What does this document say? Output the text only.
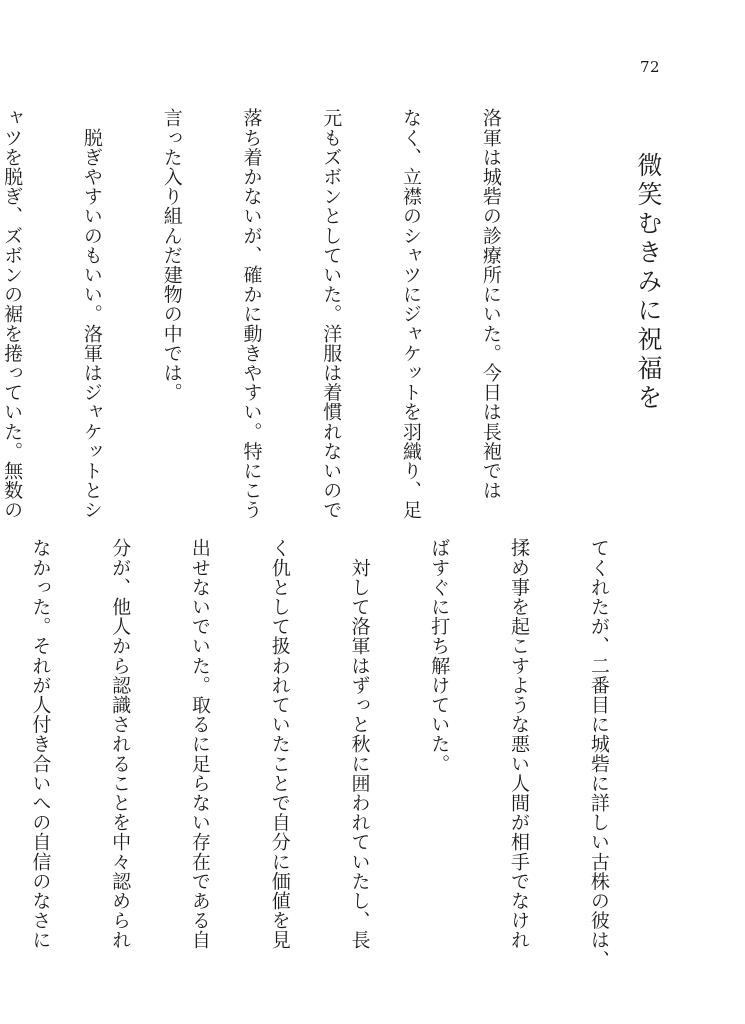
72
微笑むきみに祝福を

洛軍は城砦の診療所にいた。今日は長袍では

なく、立襟のシャツにジャケットを羽織り、足

元もズボンとしていた。洋服は着慣れないので

落ち着かないが、確かに動きやすい。特にこう

言った入り組んだ建物の中では。

　脱ぎやすいのもいい。洛軍はジャケットとシ

ャツを脱ぎ、ズボンの裾を捲っていた。無数の

てくれたが、二番目に城砦に詳しい古株の彼は、

揉め事を起こすような悪い人間が相手でなけれ

ばすぐに打ち解けていた。

　対して洛軍はずっと秋に囲われていたし、長

く仇として扱われていたことで自分に価値を見

出せないでいた。取るに足らない存在である自

分が、他人から認識されることを中々認められ

なかった。それが人付き合いへの自信のなさに
